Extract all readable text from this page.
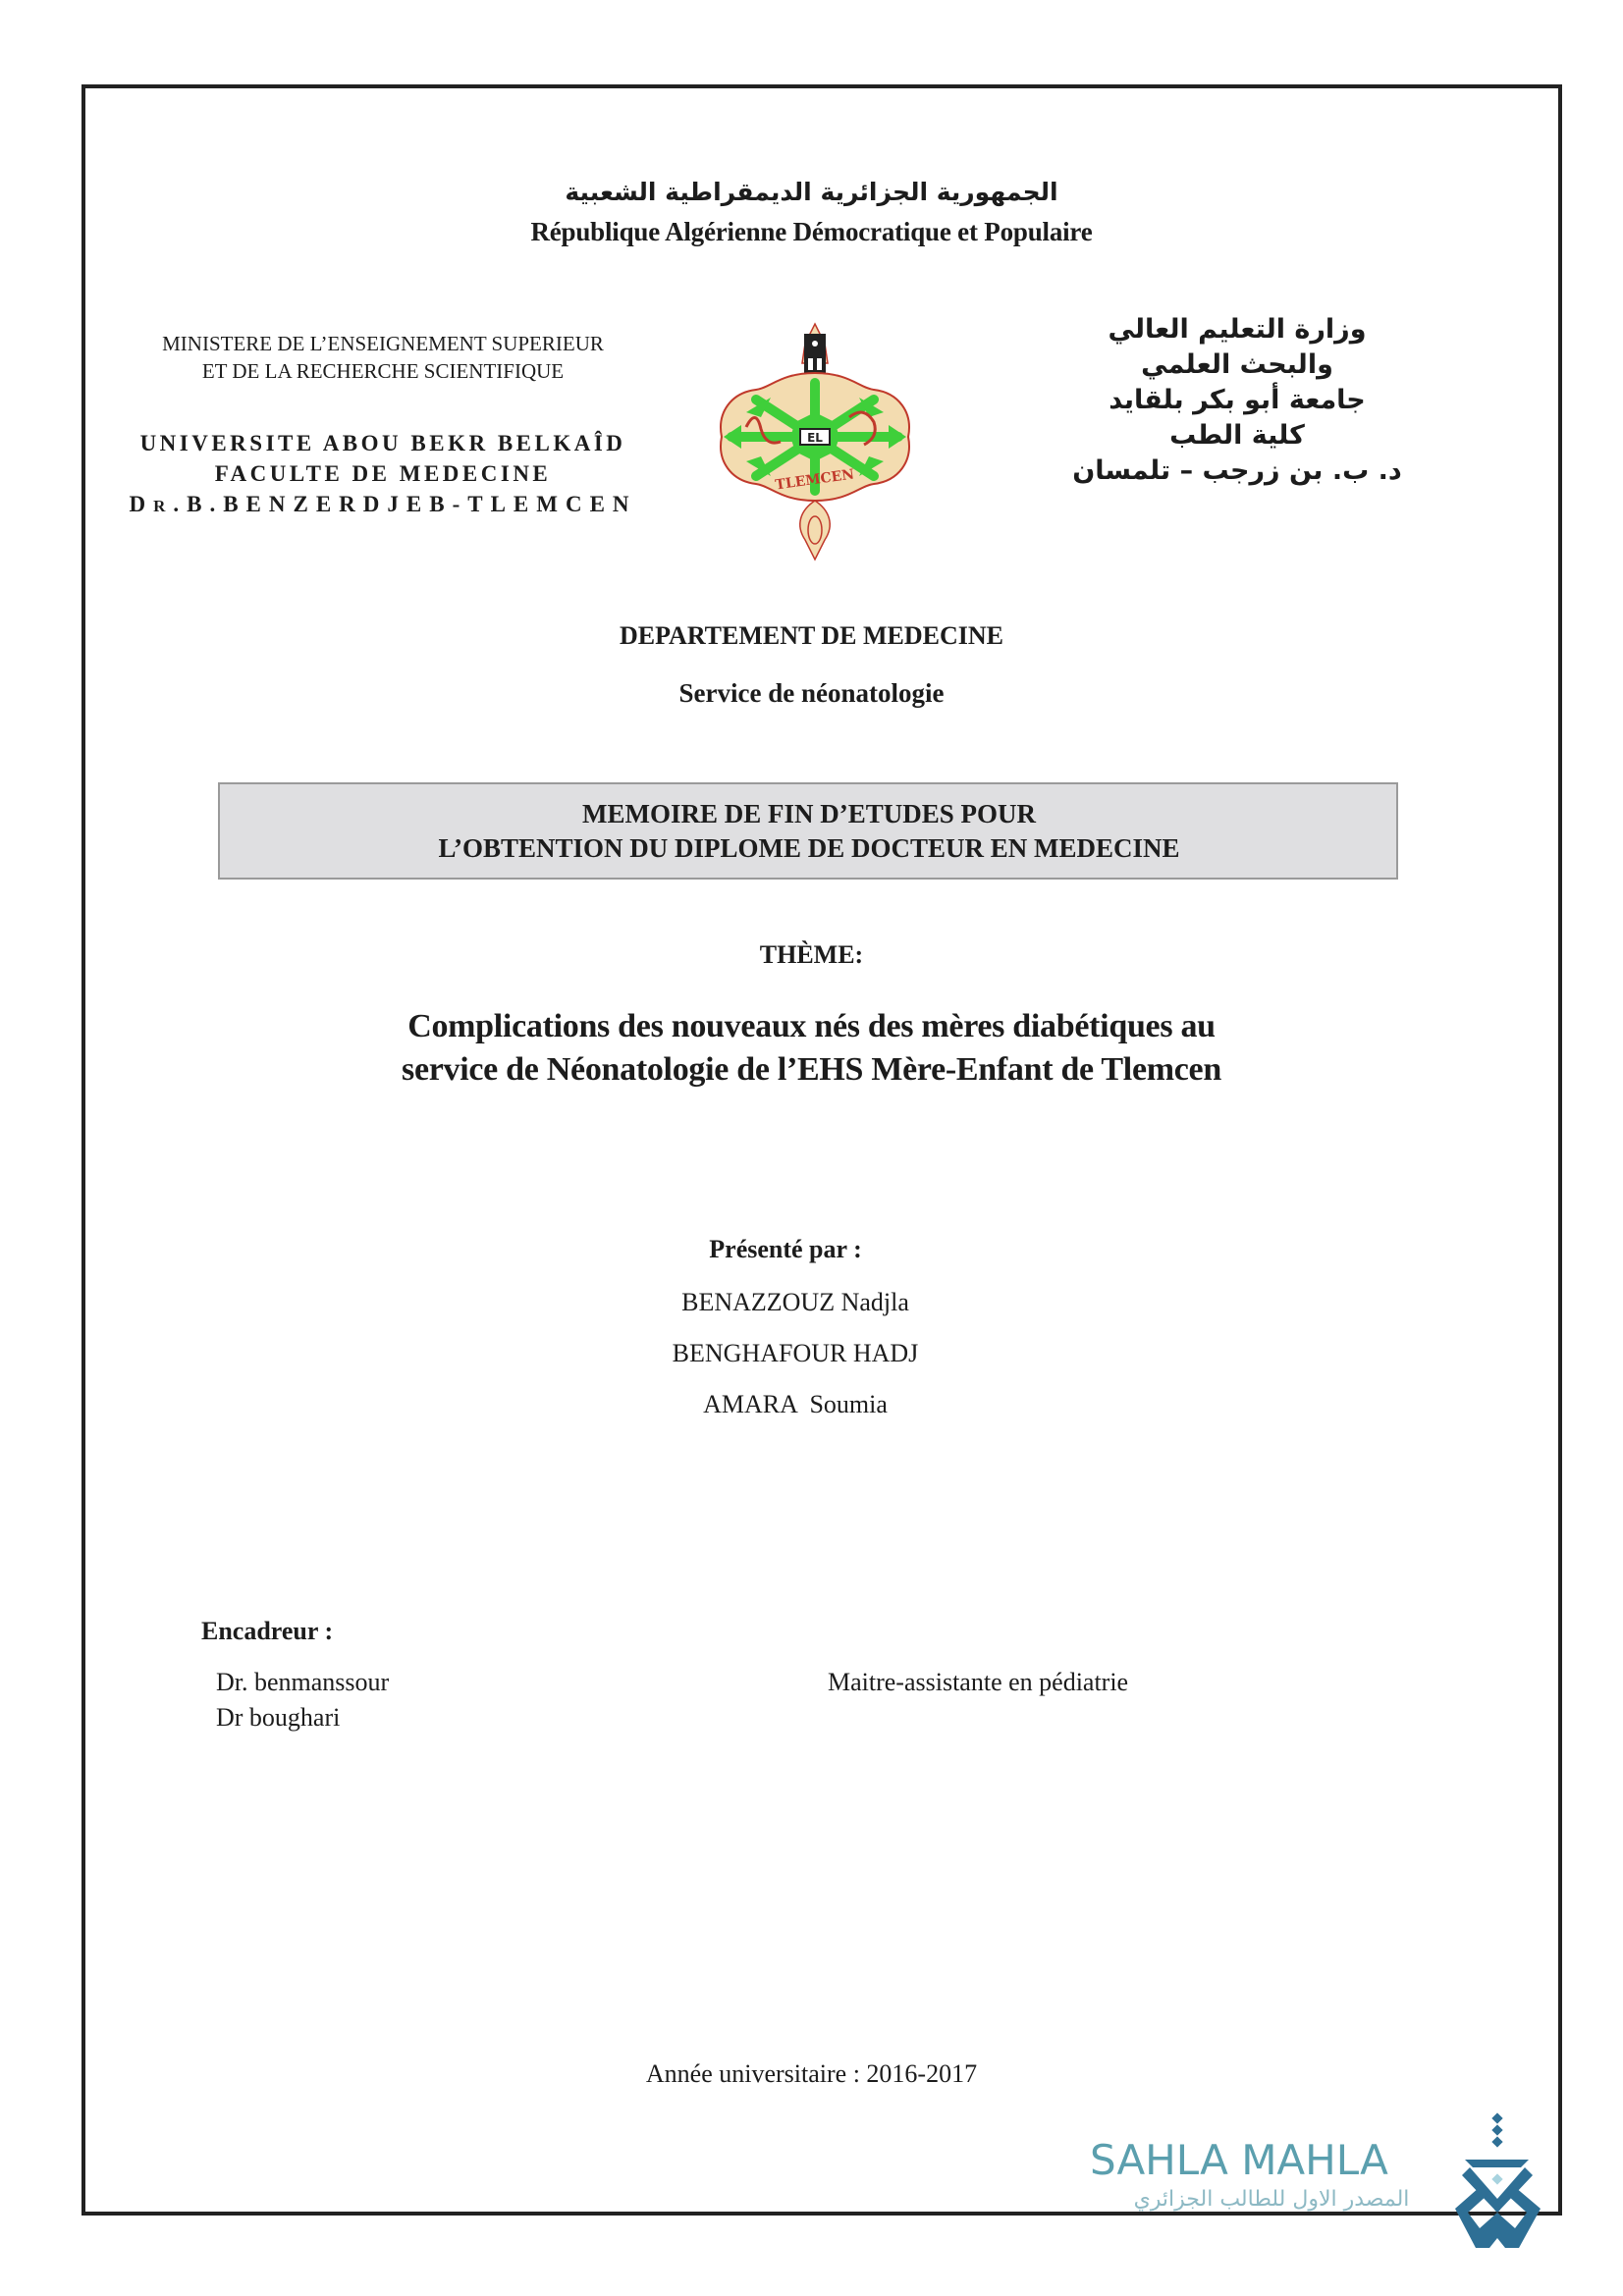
الجمهورية الجزائرية الديمقراطية الشعبية
République Algérienne Démocratique et Populaire
MINISTERE DE L’ENSEIGNEMENT SUPERIEUR
ET DE LA RECHERCHE SCIENTIFIQUE
UNIVERSITE ABOU BEKR BELKAÎD
FACULTE DE MEDECINE
DR.B.BENZERDJEB-TLEMCEN
EL
TLEMCEN
وزارة التعليم العالي
والبحث العلمي
جامعة أبو بكر بلقايد
كلية الطب
د. ب. بن زرجب – تلمسان
DEPARTEMENT DE MEDECINE
Service de néonatologie
MEMOIRE DE FIN D’ETUDES POUR
L’OBTENTION DU DIPLOME DE DOCTEUR EN MEDECINE
THÈME:
Complications des nouveaux nés des mères diabétiques au
service de Néonatologie de l’EHS Mère-Enfant de Tlemcen
Présenté par :
BENAZZOUZ Nadjla
BENGHAFOUR HADJ
AMARA  Soumia
Encadreur :
Dr. benmanssour
Dr boughari
Maitre-assistante en pédiatrie
Année universitaire : 2016-2017
SAHLA MAHLA
المصدر الاول للطالب الجزائري
